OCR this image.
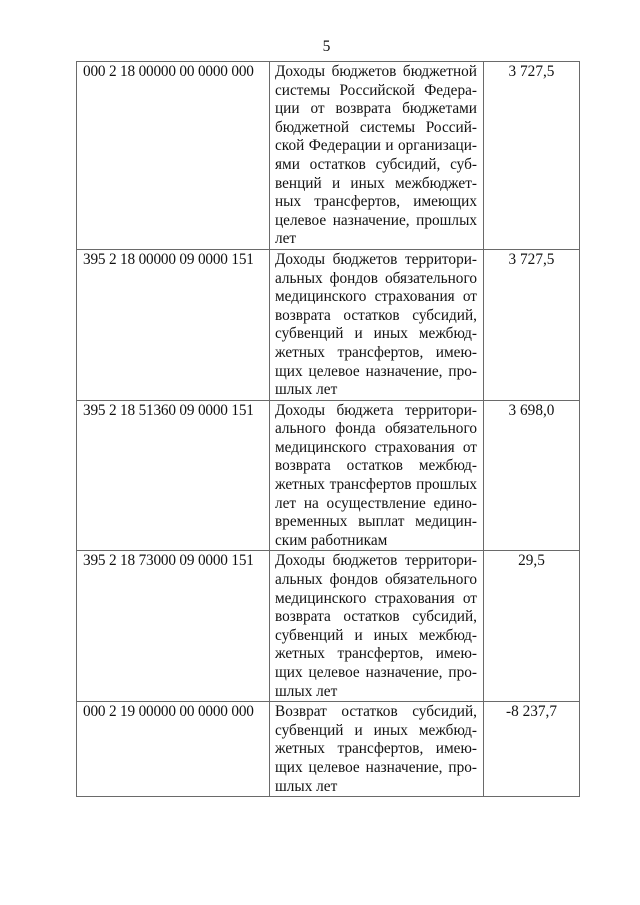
5
000 2 18 00000 00 0000 000	Доходы бюджетов бюджетной
системы Российской Федера-
ции от возврата бюджетами
бюджетной системы Россий-
ской Федерации и организаци-
ями остатков субсидий, суб-
венций и иных межбюджет-
ных трансфертов, имеющих
целевое назначение, прошлых
лет
	3 727,5
395 2 18 00000 09 0000 151	Доходы бюджетов территори-
альных фондов обязательного
медицинского страхования от
возврата остатков субсидий,
субвенций и иных межбюд-
жетных трансфертов, имею-
щих целевое назначение, про-
шлых лет
	3 727,5
395 2 18 51360 09 0000 151	Доходы бюджета территори-
ального фонда обязательного
медицинского страхования от
возврата остатков межбюд-
жетных трансфертов прошлых
лет на осуществление едино-
временных выплат медицин-
ским работникам
	3 698,0
395 2 18 73000 09 0000 151	Доходы бюджетов территори-
альных фондов обязательного
медицинского страхования от
возврата остатков субсидий,
субвенций и иных межбюд-
жетных трансфертов, имею-
щих целевое назначение, про-
шлых лет
	29,5
000 2 19 00000 00 0000 000	Возврат остатков субсидий,
субвенций и иных межбюд-
жетных трансфертов, имею-
щих целевое назначение, про-
шлых лет	-8 237,7
